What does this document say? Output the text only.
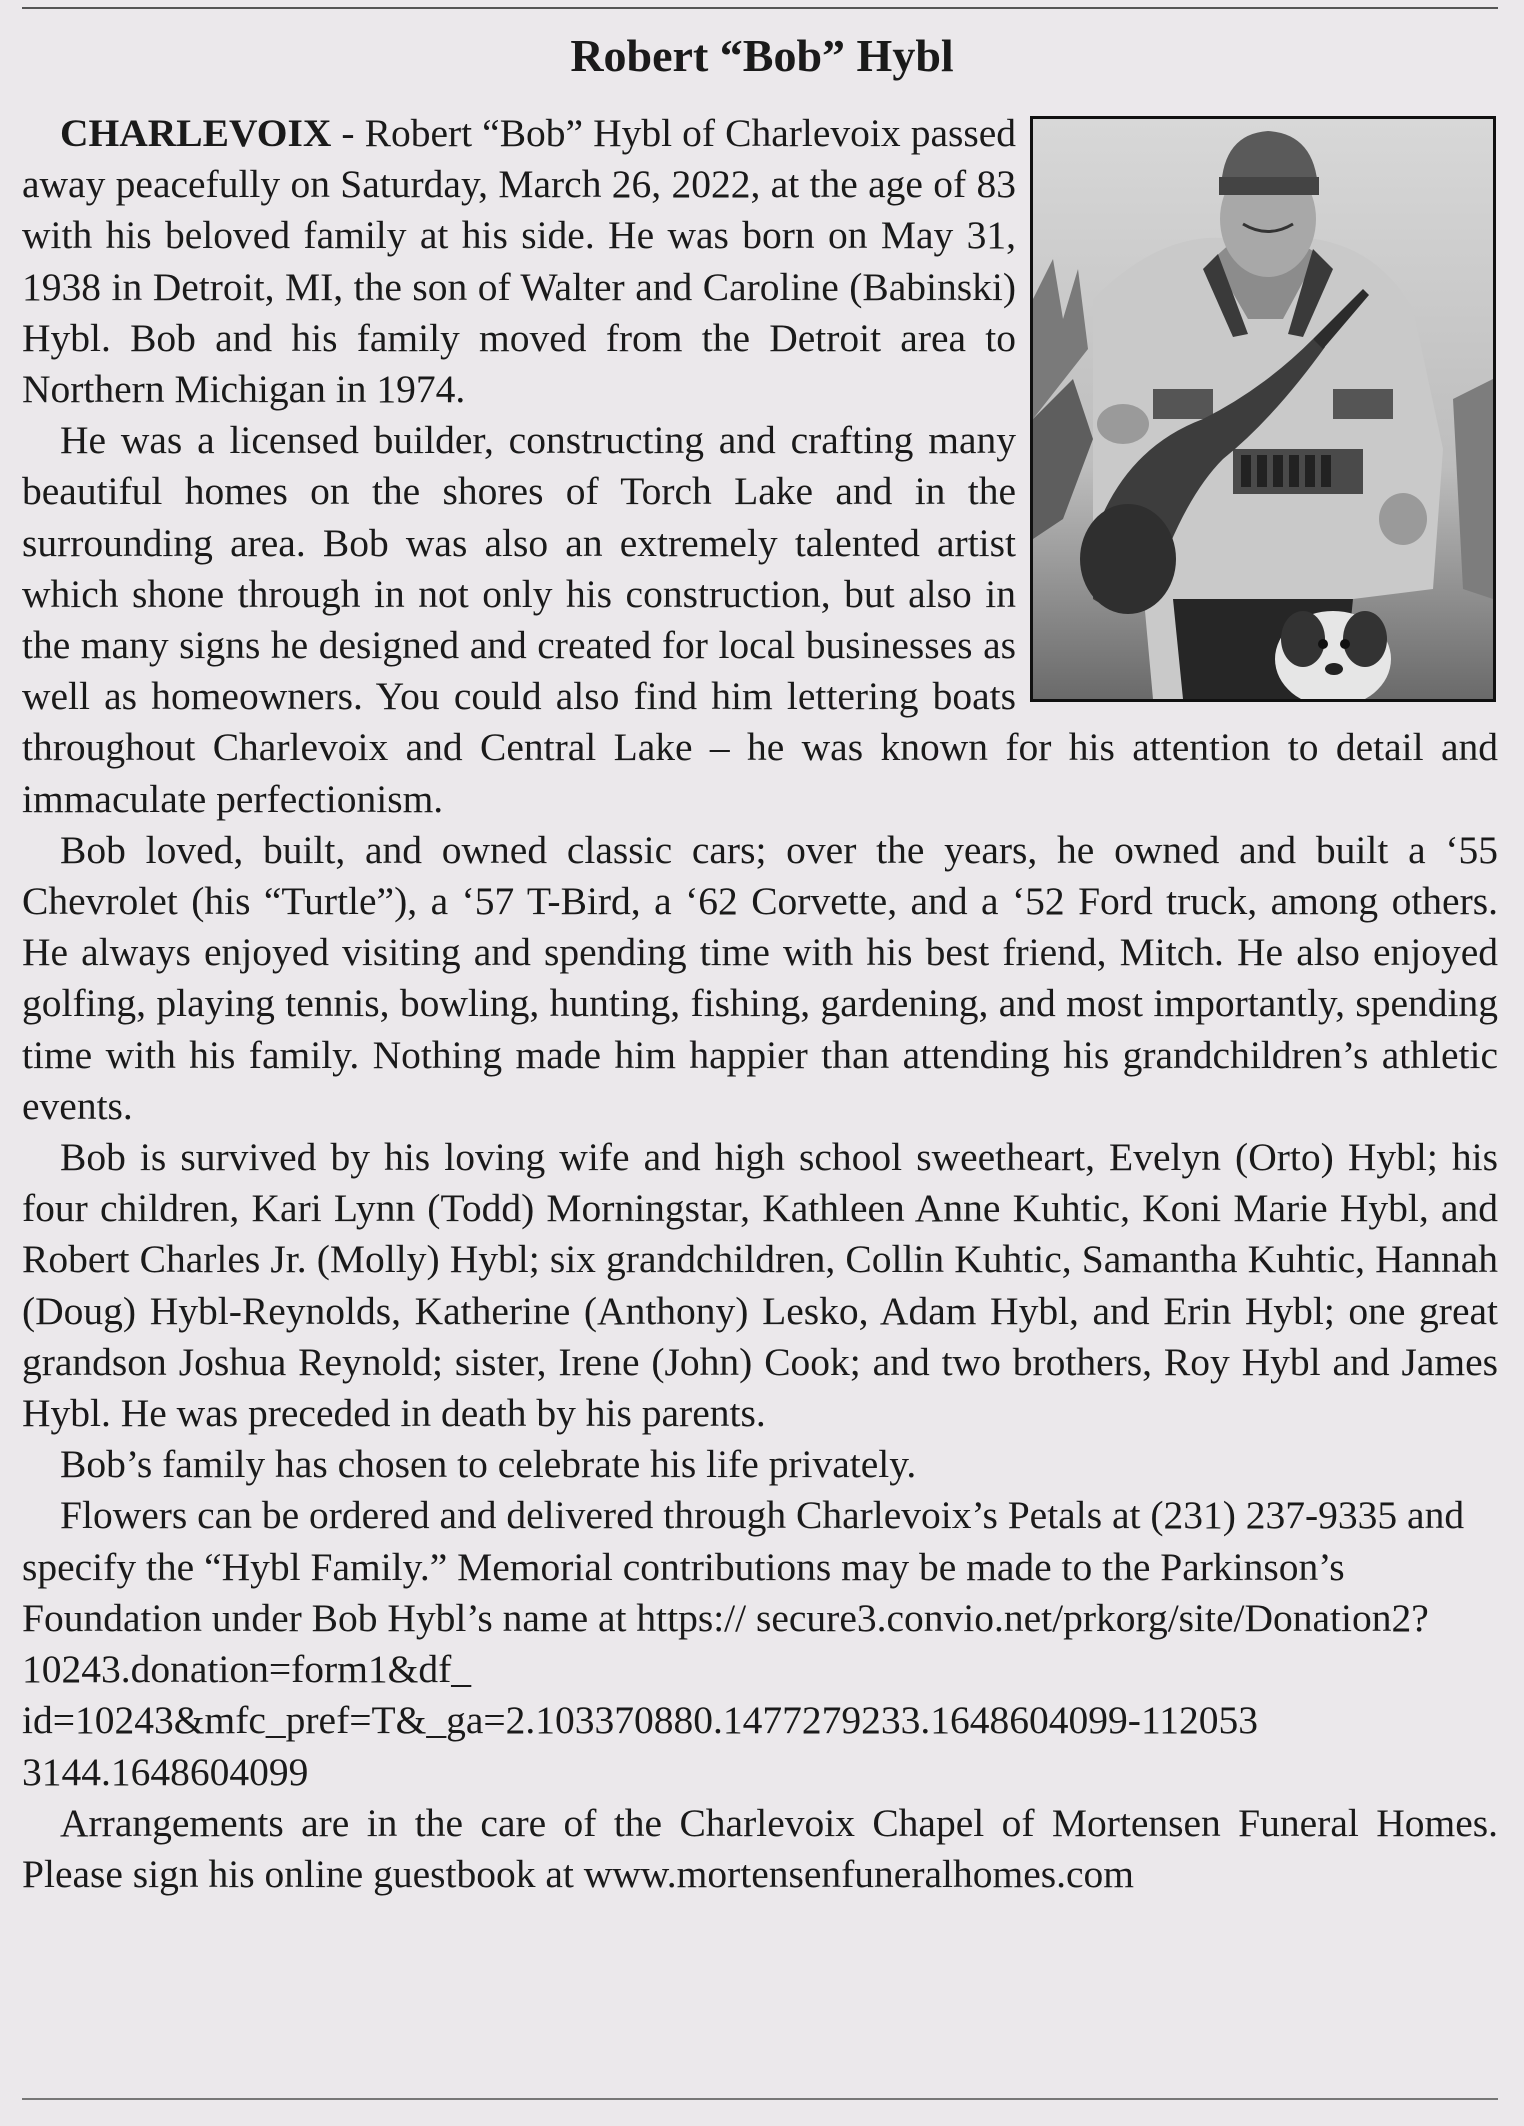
Robert “Bob” Hybl

CHARLEVOIX - Robert “Bob” Hybl of Charlevoix passed away peacefully on Saturday, March 26, 2022, at the age of 83 with his beloved family at his side. He was born on May 31, 1938 in Detroit, MI, the son of Walter and Caroline (Babinski) Hybl. Bob and his family moved from the Detroit area to Northern Michigan in 1974.

He was a licensed builder, constructing and crafting many beautiful homes on the shores of Torch Lake and in the surrounding area. Bob was also an extremely talented artist which shone through in not only his construction, but also in the many signs he designed and created for local businesses as well as homeowners. You could also find him lettering boats throughout Charlevoix and Central Lake – he was known for his attention to detail and immaculate perfectionism.

Bob loved, built, and owned classic cars; over the years, he owned and built a ‘55 Chevrolet (his “Turtle”), a ‘57 T-Bird, a ‘62 Corvette, and a ‘52 Ford truck, among others. He always enjoyed visiting and spending time with his best friend, Mitch. He also enjoyed golfing, playing tennis, bowling, hunting, fishing, gardening, and most importantly, spending time with his family. Nothing made him happier than attending his grandchildren’s athletic events.

Bob is survived by his loving wife and high school sweetheart, Evelyn (Orto) Hybl; his four children, Kari Lynn (Todd) Morningstar, Kathleen Anne Kuhtic, Koni Marie Hybl, and Robert Charles Jr. (Molly) Hybl; six grandchildren, Collin Kuhtic, Samantha Kuhtic, Hannah (Doug) Hybl-Reynolds, Katherine (Anthony) Lesko, Adam Hybl, and Erin Hybl; one great grandson Joshua Reynold; sister, Irene (John) Cook; and two brothers, Roy Hybl and James Hybl. He was preceded in death by his parents.

Bob’s family has chosen to celebrate his life privately.

Flowers can be ordered and delivered through Charlevoix’s Petals at (231) 237-9335 and specify the “Hybl Family.” Memorial contributions may be made to the Parkinson’s Foundation under Bob Hybl’s name at https:// secure3.convio.net/prkorg/site/Donation2? 10243.donation=form1&df_ id=10243&mfc_pref=T&_ga=2.103370880.1477279233.1648604099-112053 3144.1648604099

Arrangements are in the care of the Charlevoix Chapel of Mortensen Funeral Homes. Please sign his online guestbook at www.mortensenfuneralhomes.com
